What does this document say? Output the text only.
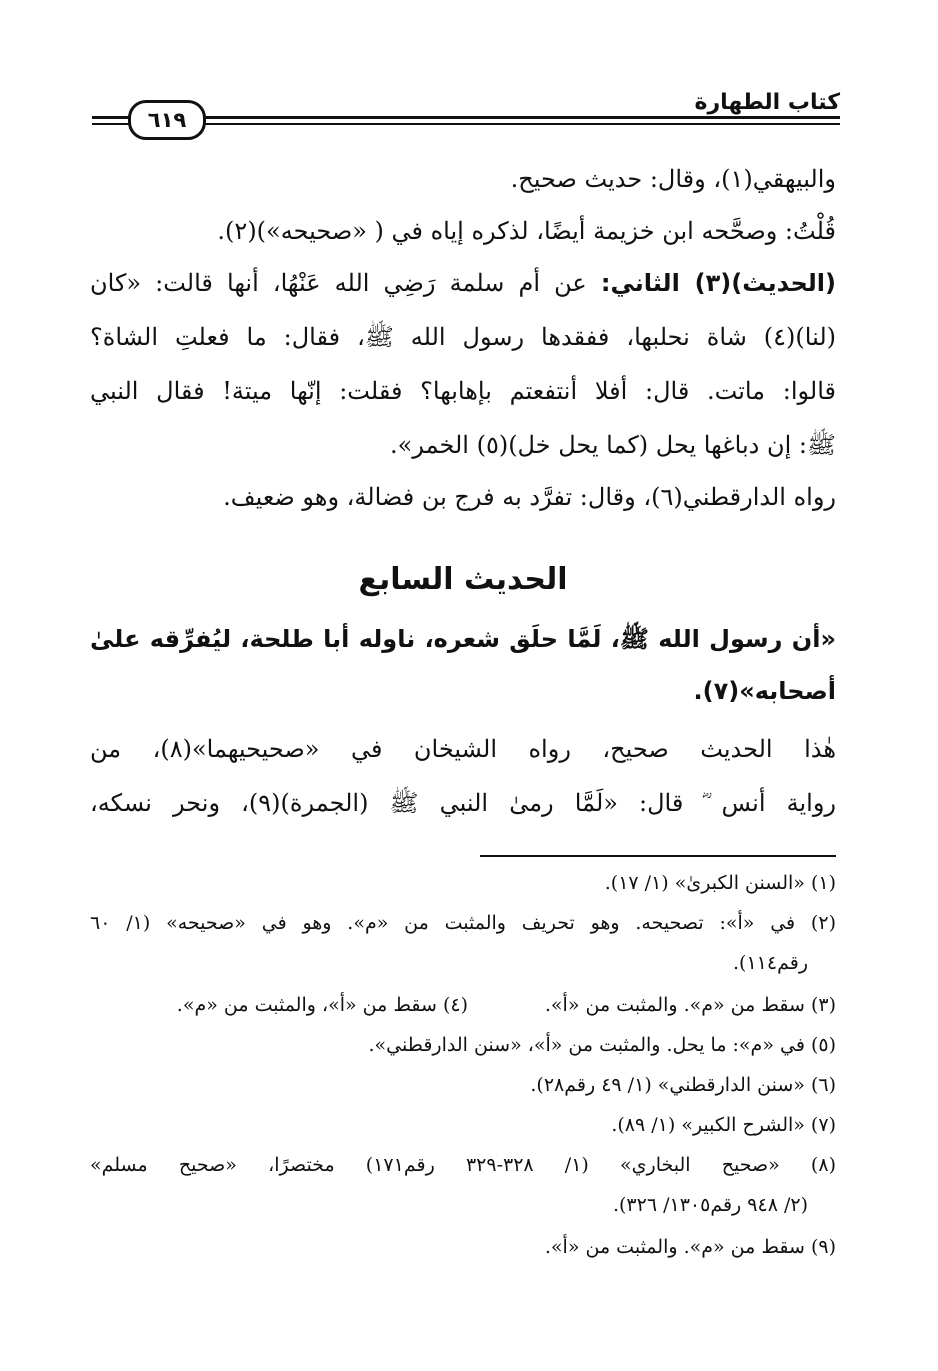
٦١٩
كتاب الطهارة
والبيهقي(١)، وقال: حديث صحيح.
قُلْتُ: وصحَّحه ابن خزيمة أيضًا، لذكره إياه في ( «صحيحه»)(٢).
(الحديث)(٣) الثاني: عن أم سلمة رَضِي الله عَنْهُا، أنها قالت: «كان
(لنا)(٤) شاة نحلبها، ففقدها رسول الله ﷺ، فقال: ما فعلتِ الشاة؟
قالوا: ماتت. قال: أفلا أنتفعتم بإهابها؟ فقلت: إنّها ميتة! فقال النبي
ﷺ: إن دباغها يحل (كما يحل خل)(٥) الخمر».
رواه الدارقطني(٦)، وقال: تفرَّد به فرج بن فضالة، وهو ضعيف.
الحديث السابع
«أن رسول الله ﷺ، لَمَّا حلَق شعره، ناوله أبا طلحة، ليُفرِّقه علىٰ
أصحابه»(٧).
هٰذا الحديث صحيح، رواه الشيخان في «صحيحيهما»(٨)، من
رواية أنس ؓ قال: «لَمَّا رمىٰ النبي ﷺ (الجمرة)(٩)، ونحر نسكه،
(١) «السنن الكبرىٰ» (١/ ١٧).
(٢) في «أ»: تصحيحه. وهو تحريف والمثبت من «م». وهو في «صحيحه» (١/ ٦٠
رقم١١٤).
(٣) سقط من «م». والمثبت من «أ».
(٤) سقط من «أ»، والمثبت من «م».
(٥) في «م»: ما يحل. والمثبت من «أ»، «سنن الدارقطني».
(٦) «سنن الدارقطني» (١/ ٤٩ رقم٢٨).
(٧) «الشرح الكبير» (١/ ٨٩).
(٨) «صحيح البخاري» (١/ ٣٢٨-٣٢٩ رقم١٧١) مختصرًا، «صحيح مسلم»
(٢/ ٩٤٨ رقم١٣٠٥/ ٣٢٦).
(٩) سقط من «م». والمثبت من «أ».
